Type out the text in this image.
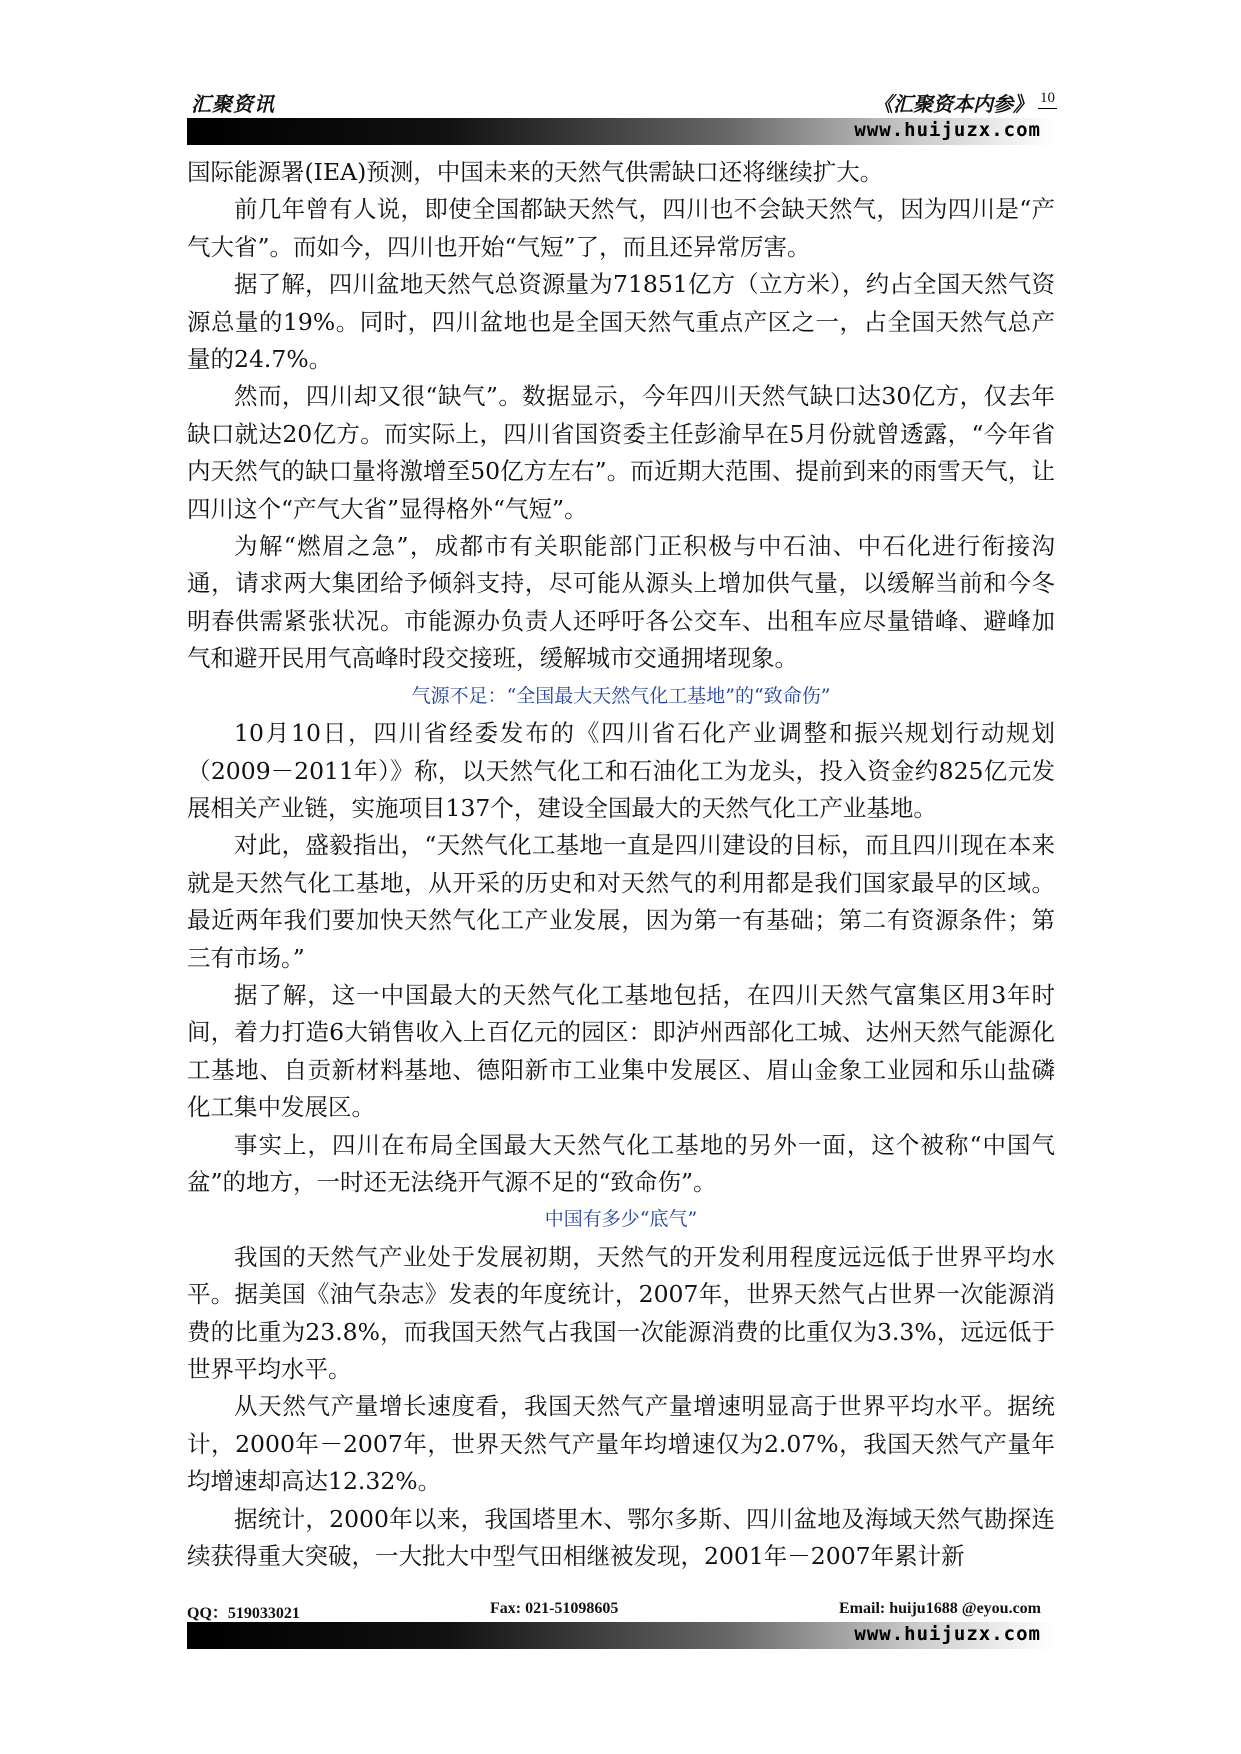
汇聚资讯	《汇聚资本内参》 10
www.huijuzx.com

国际能源署(IEA)预测，中国未来的天然气供需缺口还将继续扩大。

前几年曾有人说，即使全国都缺天然气，四川也不会缺天然气，因为四川是“产气大省”。而如今，四川也开始“气短”了，而且还异常厉害。

据了解，四川盆地天然气总资源量为71851亿方（立方米），约占全国天然气资源总量的19%。同时，四川盆地也是全国天然气重点产区之一，占全国天然气总产量的24.7%。

然而，四川却又很“缺气”。数据显示，今年四川天然气缺口达30亿方，仅去年缺口就达20亿方。而实际上，四川省国资委主任彭渝早在5月份就曾透露，“今年省内天然气的缺口量将激增至50亿方左右”。而近期大范围、提前到来的雨雪天气，让四川这个“产气大省”显得格外“气短”。

为解“燃眉之急”，成都市有关职能部门正积极与中石油、中石化进行衔接沟通，请求两大集团给予倾斜支持，尽可能从源头上增加供气量，以缓解当前和今冬明春供需紧张状况。市能源办负责人还呼吁各公交车、出租车应尽量错峰、避峰加气和避开民用气高峰时段交接班，缓解城市交通拥堵现象。

气源不足：“全国最大天然气化工基地”的“致命伤”

10月10日，四川省经委发布的《四川省石化产业调整和振兴规划行动规划（2009－2011年）》称，以天然气化工和石油化工为龙头，投入资金约825亿元发展相关产业链，实施项目137个，建设全国最大的天然气化工产业基地。

对此，盛毅指出，“天然气化工基地一直是四川建设的目标，而且四川现在本来就是天然气化工基地，从开采的历史和对天然气的利用都是我们国家最早的区域。最近两年我们要加快天然气化工产业发展，因为第一有基础；第二有资源条件；第三有市场。”

据了解，这一中国最大的天然气化工基地包括，在四川天然气富集区用3年时间，着力打造6大销售收入上百亿元的园区：即泸州西部化工城、达州天然气能源化工基地、自贡新材料基地、德阳新市工业集中发展区、眉山金象工业园和乐山盐磷化工集中发展区。

事实上，四川在布局全国最大天然气化工基地的另外一面，这个被称“中国气盆”的地方，一时还无法绕开气源不足的“致命伤”。

中国有多少“底气”

我国的天然气产业处于发展初期，天然气的开发利用程度远远低于世界平均水平。据美国《油气杂志》发表的年度统计，2007年，世界天然气占世界一次能源消费的比重为23.8%，而我国天然气占我国一次能源消费的比重仅为3.3%，远远低于世界平均水平。

从天然气产量增长速度看，我国天然气产量增速明显高于世界平均水平。据统计，2000年－2007年，世界天然气产量年均增速仅为2.07%，我国天然气产量年均增速却高达12.32%。

据统计，2000年以来，我国塔里木、鄂尔多斯、四川盆地及海域天然气勘探连续获得重大突破，一大批大中型气田相继被发现，2001年－2007年累计新

QQ：519033021	Fax: 021-51098605	Email: huiju1688 @eyou.com
www.huijuzx.com
